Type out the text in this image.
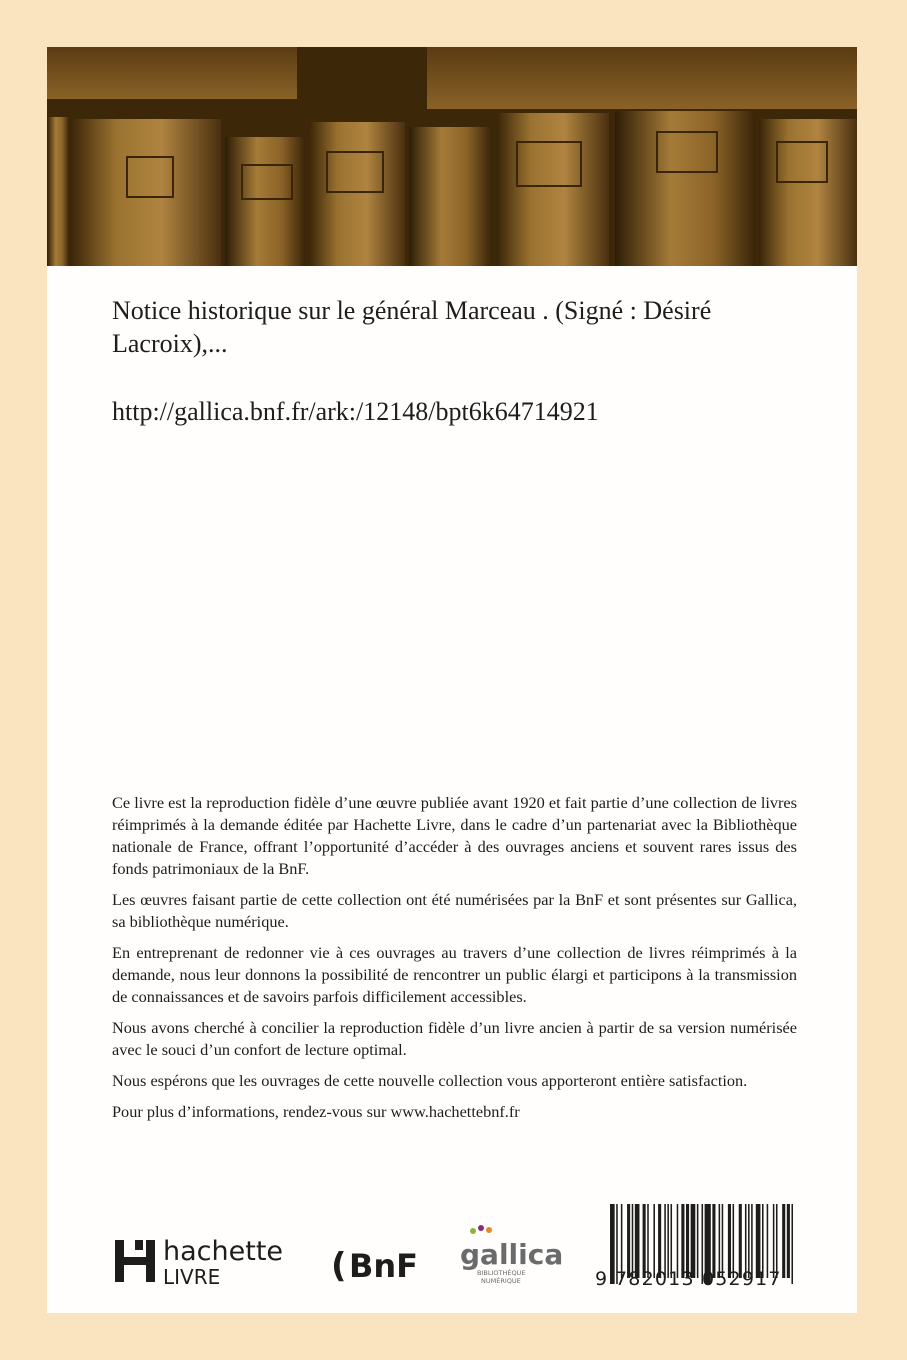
Notice historique sur le général Marceau . (Signé : Désiré Lacroix),...

http://gallica.bnf.fr/ark:/12148/bpt6k64714921

Ce livre est la reproduction fidèle d’une œuvre publiée avant 1920 et fait partie d’une collection de livres réimprimés à la demande éditée par Hachette Livre, dans le cadre d’un partenariat avec la Bibliothèque nationale de France, offrant l’opportunité d’accéder à des ouvrages anciens et souvent rares issus des fonds patrimoniaux de la BnF.

Les œuvres faisant partie de cette collection ont été numérisées par la BnF et sont présentes sur Gallica, sa bibliothèque numérique.

En entreprenant de redonner vie à ces ouvrages au travers d’une collection de livres réimprimés à la demande, nous leur donnons la possibilité de rencontrer un public élargi et participons à la transmission de connaissances et de savoirs parfois difficilement accessibles.

Nous avons cherché à concilier la reproduction fidèle d’un livre ancien à partir de sa version numérisée avec le souci d’un confort de lecture optimal.

Nous espérons que les ouvrages de cette nouvelle collection vous apporteront entière satisfaction.

Pour plus d’informations, rendez-vous sur www.hachettebnf.fr

hachette
LIVRE	( BnF gallica
BIBLIOTHÈQUE
NUMÉRIQUE	9 782013 052917
